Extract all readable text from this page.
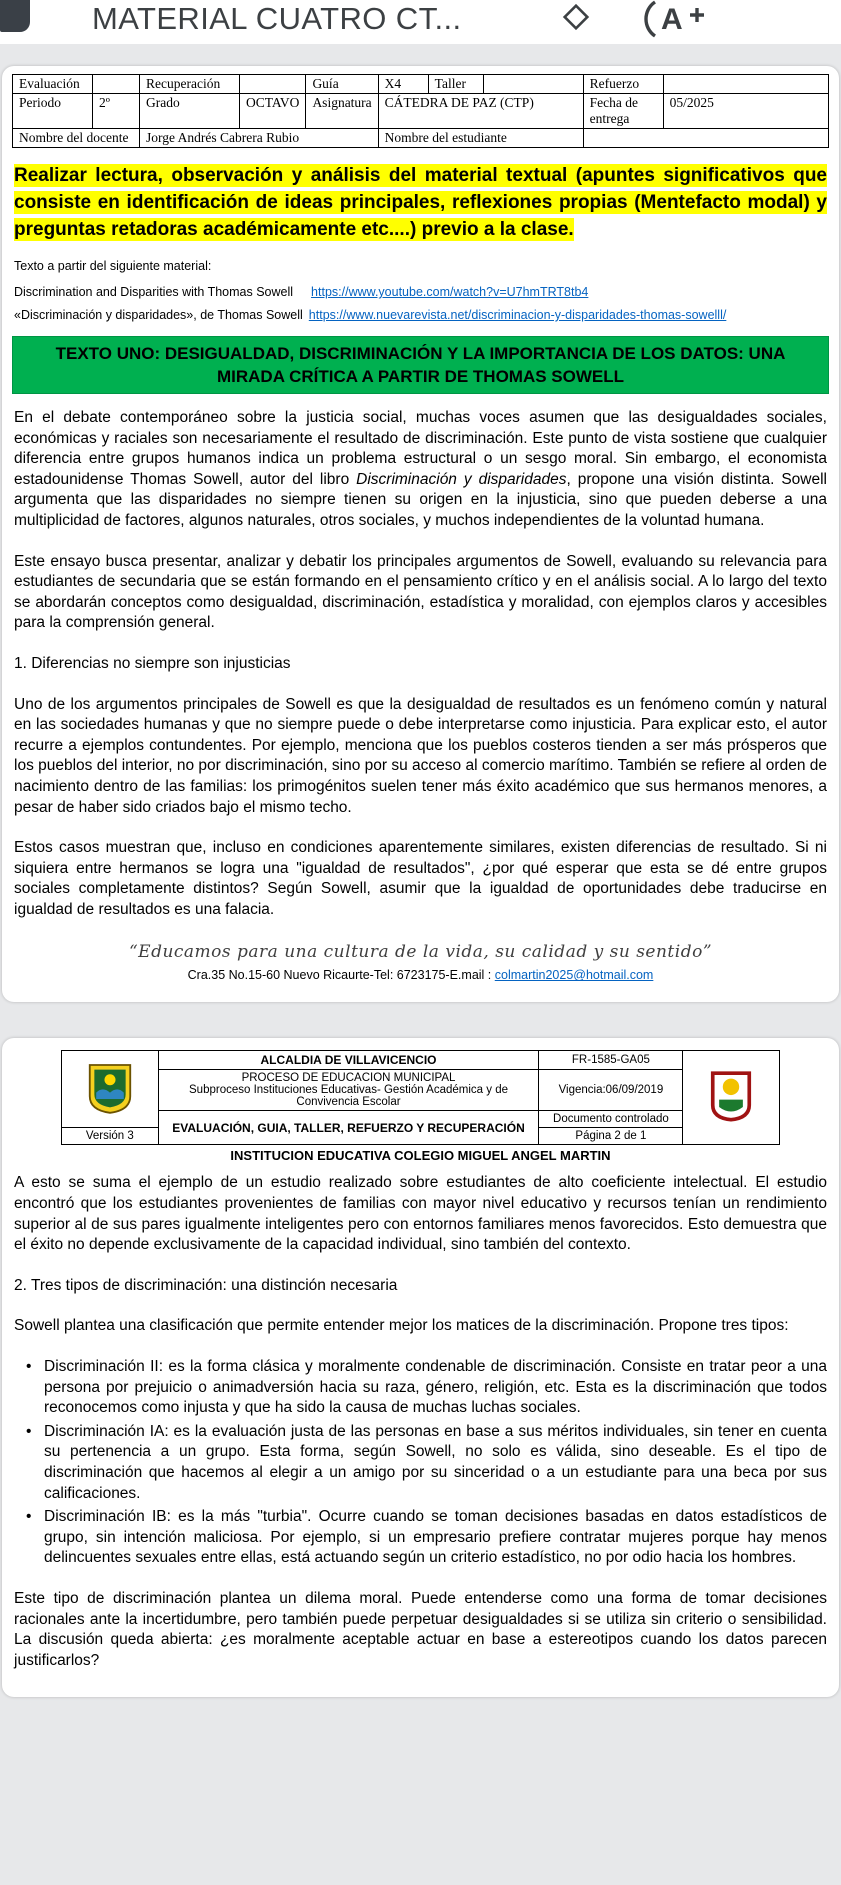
MATERIAL CUATRO CT...	A
Evaluación		Recuperación		Guía	X4	Taller		Refuerzo	
Periodo	2º	Grado	OCTAVO	Asignatura	CÁTEDRA DE PAZ (CTP)			Fecha de entrega	05/2025
Nombre del docente		Jorge Andrés Cabrera Rubio			Nombre del estudiante				

Realizar lectura, observación y análisis del material textual (apuntes significativos que consiste en identificación de ideas principales, reflexiones propias (Mentefacto modal) y preguntas retadoras académicamente etc....) previo a la clase.

Texto a partir del siguiente material:

Discrimination and Disparities with Thomas Sowell https://www.youtube.com/watch?v=U7hmTRT8tb4

«Discriminación y disparidades», de Thomas Sowell https://www.nuevarevista.net/discriminacion-y-disparidades-thomas-sowelll/

TEXTO UNO: DESIGUALDAD, DISCRIMINACIÓN Y LA IMPORTANCIA DE LOS DATOS: UNA MIRADA CRÍTICA A PARTIR DE THOMAS SOWELL

En el debate contemporáneo sobre la justicia social, muchas voces asumen que las desigualdades sociales, económicas y raciales son necesariamente el resultado de discriminación. Este punto de vista sostiene que cualquier diferencia entre grupos humanos indica un problema estructural o un sesgo moral. Sin embargo, el economista estadounidense Thomas Sowell, autor del libro Discriminación y disparidades, propone una visión distinta. Sowell argumenta que las disparidades no siempre tienen su origen en la injusticia, sino que pueden deberse a una multiplicidad de factores, algunos naturales, otros sociales, y muchos independientes de la voluntad humana.

Este ensayo busca presentar, analizar y debatir los principales argumentos de Sowell, evaluando su relevancia para estudiantes de secundaria que se están formando en el pensamiento crítico y en el análisis social. A lo largo del texto se abordarán conceptos como desigualdad, discriminación, estadística y moralidad, con ejemplos claros y accesibles para la comprensión general.

1. Diferencias no siempre son injusticias

Uno de los argumentos principales de Sowell es que la desigualdad de resultados es un fenómeno común y natural en las sociedades humanas y que no siempre puede o debe interpretarse como injusticia. Para explicar esto, el autor recurre a ejemplos contundentes. Por ejemplo, menciona que los pueblos costeros tienden a ser más prósperos que los pueblos del interior, no por discriminación, sino por su acceso al comercio marítimo. También se refiere al orden de nacimiento dentro de las familias: los primogénitos suelen tener más éxito académico que sus hermanos menores, a pesar de haber sido criados bajo el mismo techo.

Estos casos muestran que, incluso en condiciones aparentemente similares, existen diferencias de resultado. Si ni siquiera entre hermanos se logra una "igualdad de resultados", ¿por qué esperar que esta se dé entre grupos sociales completamente distintos? Según Sowell, asumir que la igualdad de oportunidades debe traducirse en igualdad de resultados es una falacia.

“Educamos para una cultura de la vida, su calidad y su sentido”
Cra.35 No.15-60 Nuevo Ricaurte-Tel: 6723175-E.mail : colmartin2025@hotmail.com
	ALCALDIA DE VILLAVICENCIO	FR-1585-GA05	

	PROCESO DE EDUCACION MUNICIPAL
Subproceso Instituciones Educativas- Gestión Académica y de Convivencia Escolar	Vigencia:06/09/2019	
	EVALUACIÓN, GUIA, TALLER, REFUERZO Y RECUPERACIÓN	Documento controlado	
Versión 3		Página 2 de 1	
INSTITUCION EDUCATIVA COLEGIO MIGUEL ANGEL MARTIN

A esto se suma el ejemplo de un estudio realizado sobre estudiantes de alto coeficiente intelectual. El estudio encontró que los estudiantes provenientes de familias con mayor nivel educativo y recursos tenían un rendimiento superior al de sus pares igualmente inteligentes pero con entornos familiares menos favorecidos. Esto demuestra que el éxito no depende exclusivamente de la capacidad individual, sino también del contexto.

2. Tres tipos de discriminación: una distinción necesaria

Sowell plantea una clasificación que permite entender mejor los matices de la discriminación. Propone tres tipos:

• Discriminación II: es la forma clásica y moralmente condenable de discriminación. Consiste en tratar peor a una persona por prejuicio o animadversión hacia su raza, género, religión, etc. Esta es la discriminación que todos reconocemos como injusta y que ha sido la causa de muchas luchas sociales.
• Discriminación IA: es la evaluación justa de las personas en base a sus méritos individuales, sin tener en cuenta su pertenencia a un grupo. Esta forma, según Sowell, no solo es válida, sino deseable. Es el tipo de discriminación que hacemos al elegir a un amigo por su sinceridad o a un estudiante para una beca por sus calificaciones.
• Discriminación IB: es la más "turbia". Ocurre cuando se toman decisiones basadas en datos estadísticos de grupo, sin intención maliciosa. Por ejemplo, si un empresario prefiere contratar mujeres porque hay menos delincuentes sexuales entre ellas, está actuando según un criterio estadístico, no por odio hacia los hombres.

Este tipo de discriminación plantea un dilema moral. Puede entenderse como una forma de tomar decisiones racionales ante la incertidumbre, pero también puede perpetuar desigualdades si se utiliza sin criterio o sensibilidad. La discusión queda abierta: ¿es moralmente aceptable actuar en base a estereotipos cuando los datos parecen justificarlos?
